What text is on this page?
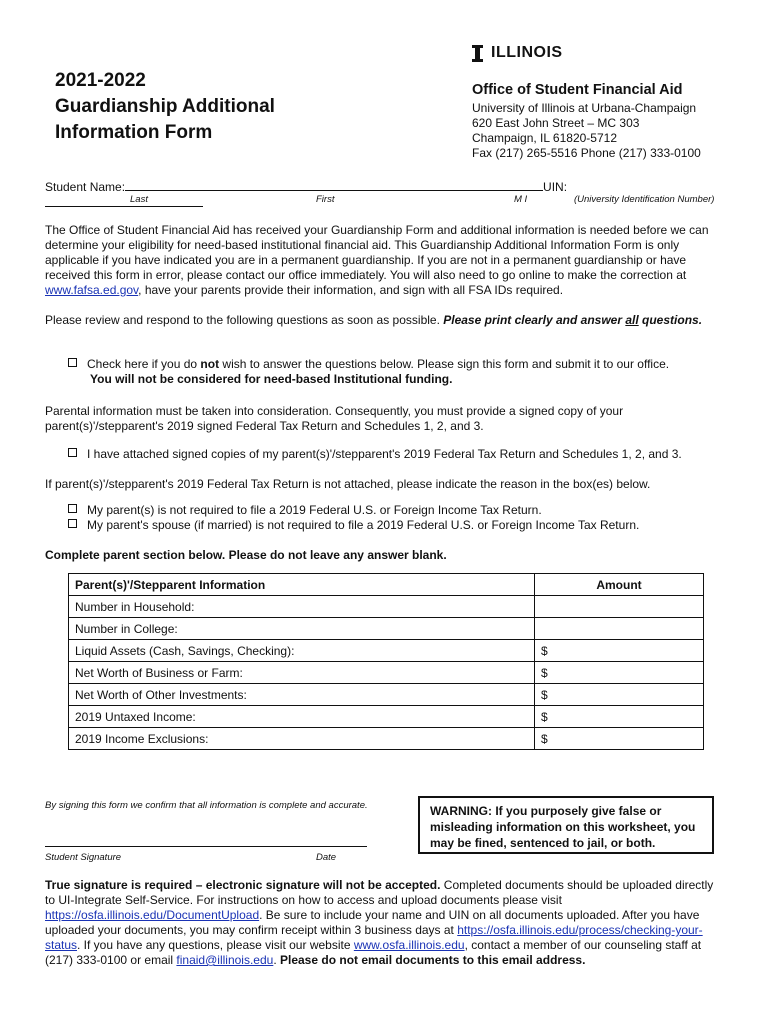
2021-2022
Guardianship Additional
Information Form
ILLINOIS
Office of Student Financial Aid
University of Illinois at Urbana-Champaign
620 East John Street – MC 303
Champaign, IL 61820-5712
Fax (217) 265-5516 Phone (217) 333-0100
Student Name:	UIN:
Last	First	M I	(University Identification Number)
The Office of Student Financial Aid has received your Guardianship Form and additional information is needed before we can determine your eligibility for need-based institutional financial aid. This Guardianship Additional Information Form is only applicable if you have indicated you are in a permanent guardianship. If you are not in a permanent guardianship or have received this form in error, please contact our office immediately. You will also need to go online to make the correction at www.fafsa.ed.gov, have your parents provide their information, and sign with all FSA IDs required.
Please review and respond to the following questions as soon as possible. Please print clearly and answer all questions.
Check here if you do not wish to answer the questions below. Please sign this form and submit it to our office.
You will not be considered for need-based Institutional funding.
Parental information must be taken into consideration. Consequently, you must provide a signed copy of your parent(s)'/stepparent's 2019 signed Federal Tax Return and Schedules 1, 2, and 3.
I have attached signed copies of my parent(s)'/stepparent's 2019 Federal Tax Return and Schedules 1, 2, and 3.
If parent(s)'/stepparent's 2019 Federal Tax Return is not attached, please indicate the reason in the box(es) below.
My parent(s) is not required to file a 2019 Federal U.S. or Foreign Income Tax Return.
My parent's spouse (if married) is not required to file a 2019 Federal U.S. or Foreign Income Tax Return.
Complete parent section below. Please do not leave any answer blank.
Parent(s)'/Stepparent Information	Amount
Number in Household:	
Number in College:	
Liquid Assets (Cash, Savings, Checking):	$
Net Worth of Business or Farm:	$
Net Worth of Other Investments:	$
2019 Untaxed Income:	$
2019 Income Exclusions:	$
By signing this form we confirm that all information is complete and accurate.	WARNING: If you purposely give false or misleading information on this worksheet, you may be fined, sentenced to jail, or both.
Student Signature	Date
True signature is required – electronic signature will not be accepted. Completed documents should be uploaded directly to UI-Integrate Self-Service. For instructions on how to access and upload documents please visit https://osfa.illinois.edu/DocumentUpload. Be sure to include your name and UIN on all documents uploaded. After you have uploaded your documents, you may confirm receipt within 3 business days at https://osfa.illinois.edu/process/checking-your-status. If you have any questions, please visit our website www.osfa.illinois.edu, contact a member of our counseling staff at (217) 333-0100 or email finaid@illinois.edu. Please do not email documents to this email address.
